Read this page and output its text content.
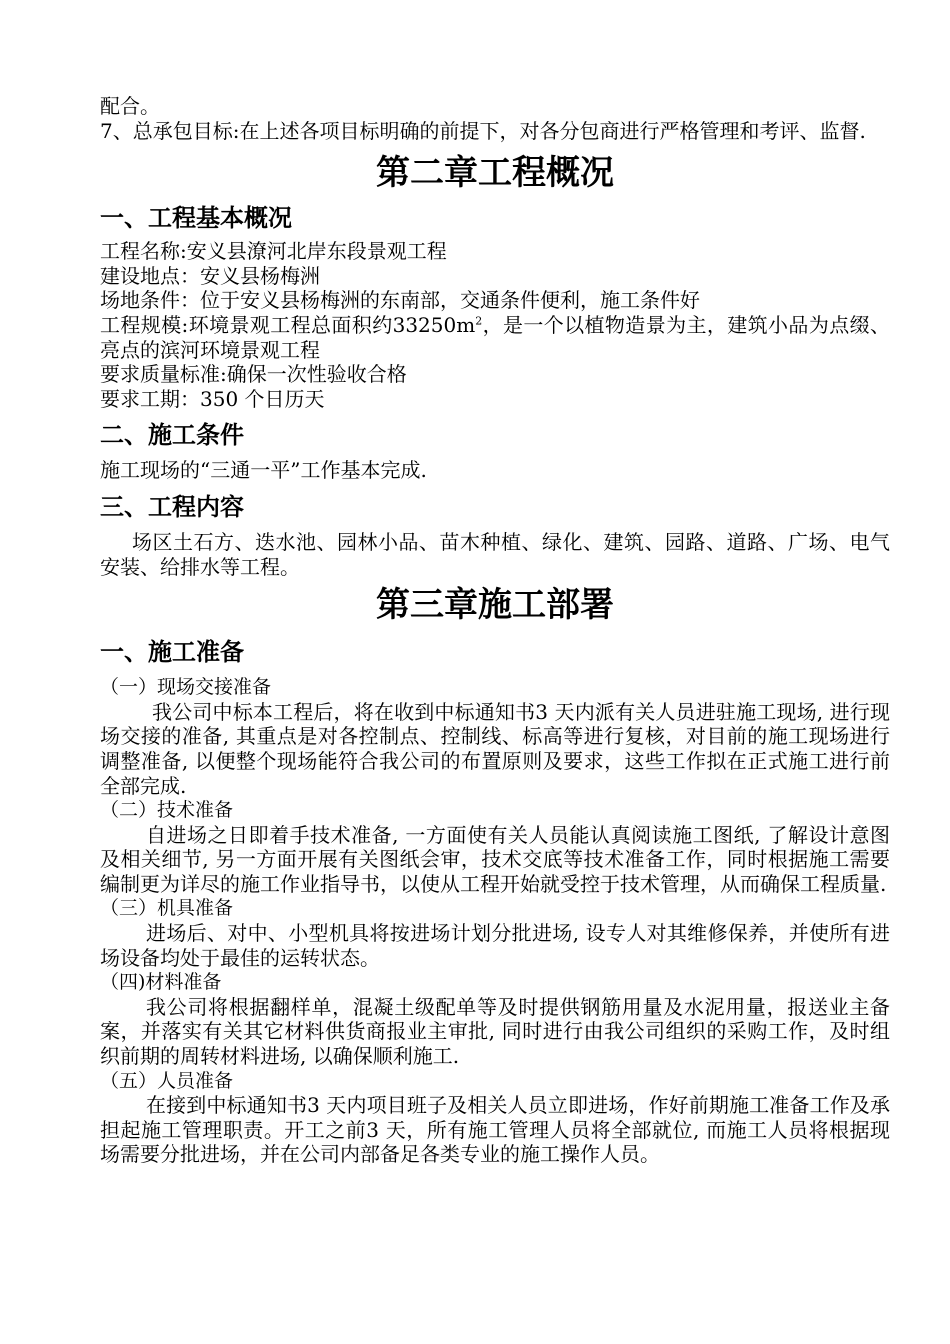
配合。

7、总承包目标:在上述各项目标明确的前提下，对各分包商进行严格管理和考评、监督.

第二章工程概况
一、工程基本概况

工程名称:安义县潦河北岸东段景观工程

建设地点：安义县杨梅洲

场地条件：位于安义县杨梅洲的东南部，交通条件便利，施工条件好

工程规模:环境景观工程总面积约$33250m^2$，是一个以植物造景为主，建筑小品为点缀、亮点的滨河环境景观工程

要求质量标准:确保一次性验收合格

要求工期：350 个日历天

二、施工条件

施工现场的“三通一平”工作基本完成.

三、工程内容

场区土石方、迭水池、园林小品、苗木种植、绿化、建筑、园路、道路、广场、电气安装、给排水等工程。

第三章施工部署
一、施工准备

（一）现场交接准备

我公司中标本工程后，将在收到中标通知书3 天内派有关人员进驻施工现场, 进行现场交接的准备, 其重点是对各控制点、控制线、标高等进行复核，对目前的施工现场进行调整准备, 以便整个现场能符合我公司的布置原则及要求，这些工作拟在正式施工进行前全部完成.

（二）技术准备

自进场之日即着手技术准备, 一方面使有关人员能认真阅读施工图纸, 了解设计意图及相关细节, 另一方面开展有关图纸会审，技术交底等技术准备工作，同时根据施工需要编制更为详尽的施工作业指导书，以使从工程开始就受控于技术管理，从而确保工程质量.

（三）机具准备

进场后、对中、小型机具将按进场计划分批进场, 设专人对其维修保养，并使所有进场设备均处于最佳的运转状态。

（四)材料准备

我公司将根据翻样单，混凝土级配单等及时提供钢筋用量及水泥用量，报送业主备案，并落实有关其它材料供货商报业主审批, 同时进行由我公司组织的采购工作，及时组织前期的周转材料进场, 以确保顺利施工.

（五）人员准备

在接到中标通知书3 天内项目班子及相关人员立即进场，作好前期施工准备工作及承担起施工管理职责。开工之前3 天，所有施工管理人员将全部就位, 而施工人员将根据现场需要分批进场，并在公司内部备足各类专业的施工操作人员。
